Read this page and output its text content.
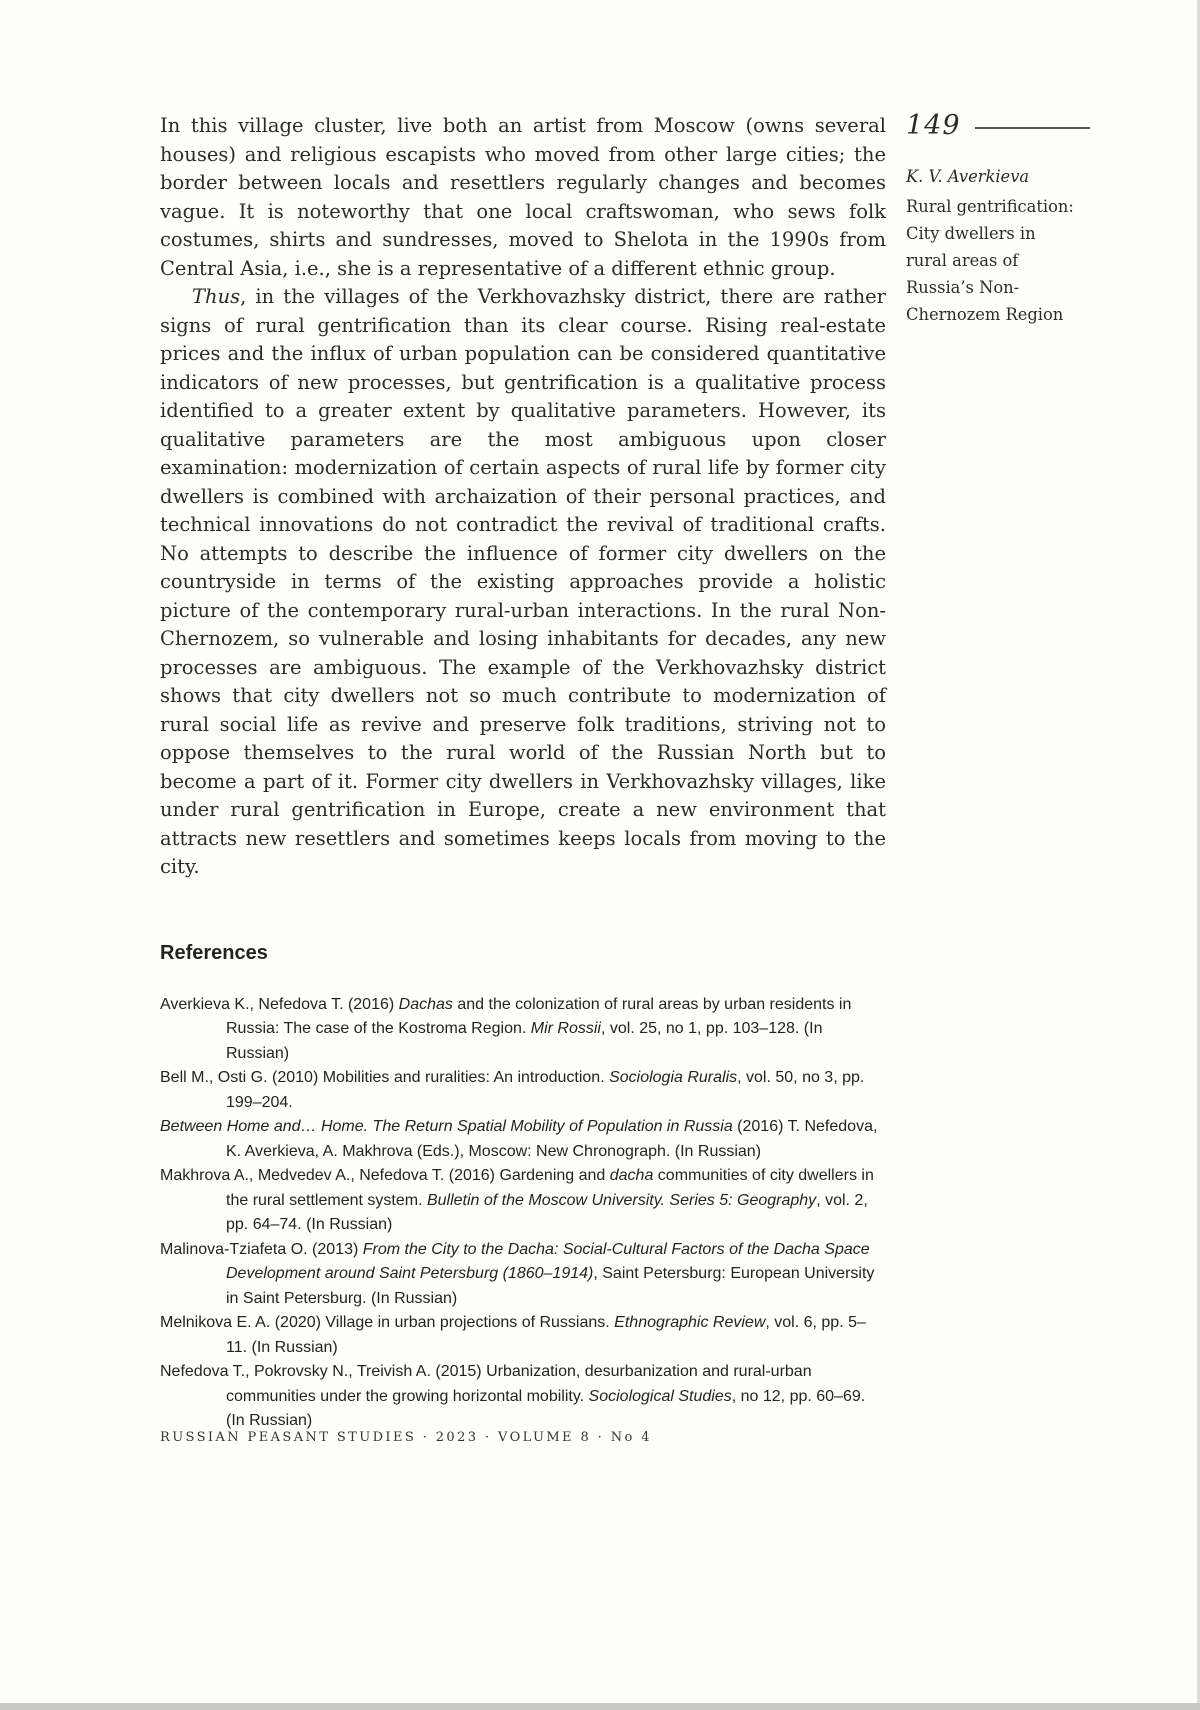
In this village cluster, live both an artist from Moscow (owns several houses) and religious escapists who moved from other large cities; the border between locals and resettlers regularly changes and becomes vague. It is noteworthy that one local craftswoman, who sews folk costumes, shirts and sundresses, moved to Shelota in the 1990s from Central Asia, i.e., she is a representative of a different ethnic group.

Thus, in the villages of the Verkhovazhsky district, there are rather signs of rural gentrification than its clear course. Rising real-estate prices and the influx of urban population can be considered quantitative indicators of new processes, but gentrification is a qualitative process identified to a greater extent by qualitative parameters. However, its qualitative parameters are the most ambiguous upon closer examination: modernization of certain aspects of rural life by former city dwellers is combined with archaization of their personal practices, and technical innovations do not contradict the revival of traditional crafts. No attempts to describe the influence of former city dwellers on the countryside in terms of the existing approaches provide a holistic picture of the contemporary rural-urban interactions. In the rural Non-Chernozem, so vulnerable and losing inhabitants for decades, any new processes are ambiguous. The example of the Verkhovazhsky district shows that city dwellers not so much contribute to modernization of rural social life as revive and preserve folk traditions, striving not to oppose themselves to the rural world of the Russian North but to become a part of it. Former city dwellers in Verkhovazhsky villages, like under rural gentrification in Europe, create a new environment that attracts new resettlers and sometimes keeps locals from moving to the city.

References

Averkieva K., Nefedova T. (2016) Dachas and the colonization of rural areas by urban residents in Russia: The case of the Kostroma Region. Mir Rossii, vol. 25, no 1, pp. 103–128. (In Russian)

Bell M., Osti G. (2010) Mobilities and ruralities: An introduction. Sociologia Ruralis, vol. 50, no 3, pp. 199–204.

Between Home and… Home. The Return Spatial Mobility of Population in Russia (2016) T. Nefedova, K. Averkieva, A. Makhrova (Eds.), Moscow: New Chronograph. (In Russian)

Makhrova A., Medvedev A., Nefedova T. (2016) Gardening and dacha communities of city dwellers in the rural settlement system. Bulletin of the Moscow University. Series 5: Geography, vol. 2, pp. 64–74. (In Russian)

Malinova-Tziafeta O. (2013) From the City to the Dacha: Social-Cultural Factors of the Dacha Space Development around Saint Petersburg (1860–1914), Saint Petersburg: European University in Saint Petersburg. (In Russian)

Melnikova E. A. (2020) Village in urban projections of Russians. Ethnographic Review, vol. 6, pp. 5–11. (In Russian)

Nefedova T., Pokrovsky N., Treivish A. (2015) Urbanization, desurbanization and rural-urban communities under the growing horizontal mobility. Sociological Studies, no 12, pp. 60–69. (In Russian)

RUSSIAN PEASANT STUDIES · 2023 · VOLUME 8 · No 4
149
K. V. Averkieva
Rural gentrification: City dwellers in rural areas of Russia’s Non-Chernozem Region
